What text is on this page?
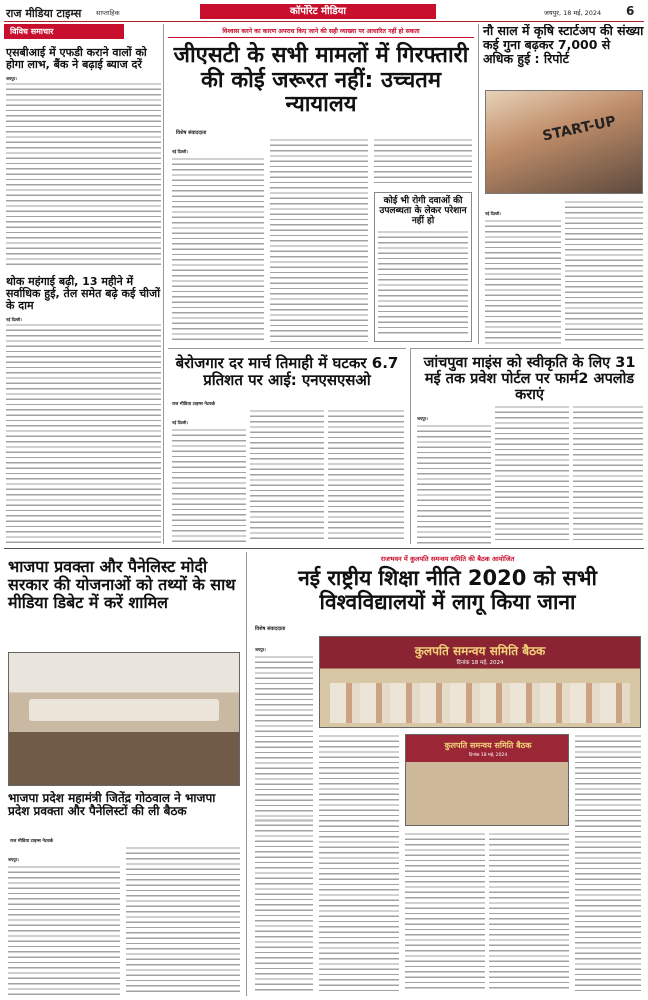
राज मीडिया टाइम्स साप्ताहिक	कॉर्पोरेट मीडिया	जयपुर, 18 मई, 2024 6
विविध समाचार
एसबीआई में एफडी कराने वालों को होगा लाभ, बैंक ने बढ़ाई ब्याज दरें
जयपुर।
थोक महंगाई बढ़ी, 13 महीने में सर्वाधिक हुई, तेल समेत बढ़े कई चीजों के दाम
नई दिल्ली।
विश्वास करने का कारण अपराध किए जाने की सही व्याख्या पर आधारित नहीं हो सकता
जीएसटी के सभी मामलों में गिरफ्तारी की कोई जरूरत नहीं: उच्चतम न्यायालय
विशेष संवाददाता
नई दिल्ली।
कोई भी रोगी दवाओं की उपलब्धता के लेकर परेशान नहीं हो
नौ साल में कृषि स्टार्टअप की संख्या कई गुना बढ़कर 7,000 से अधिक हुई : रिपोर्ट
START-UP
नई दिल्ली।
बेरोजगार दर मार्च तिमाही में घटकर 6.7 प्रतिशत पर आई: एनएसएसओ
राज मीडिया टाइम्स नेटवर्क
नई दिल्ली।
जांचपुवा माइंस को स्वीकृति के लिए 31 मई तक प्रवेश पोर्टल पर फार्म2 अपलोड कराएं
जयपुर।
भाजपा प्रवक्ता और पैनेलिस्ट मोदी सरकार की योजनाओं को तथ्यों के साथ मीडिया डिबेट में करें शामिल
भाजपा प्रदेश महामंत्री जितेंद्र गोठवाल ने भाजपा प्रदेश प्रवक्ता और पैनेलिस्टों की ली बैठक
राज मीडिया टाइम्स नेटवर्क
जयपुर।
राजभवन में कुलपति समन्वय समिति की बैठक आयोजित
नई राष्ट्रीय शिक्षा नीति 2020 को सभी विश्वविद्यालयों में लागू किया जाना
विशेष संवाददाता
जयपुर।	कुलपति समन्वय समिति बैठक
दिनांक 18 मई, 2024
कुलपति समन्वय समिति बैठक
दिनांक 18 मई, 2024
